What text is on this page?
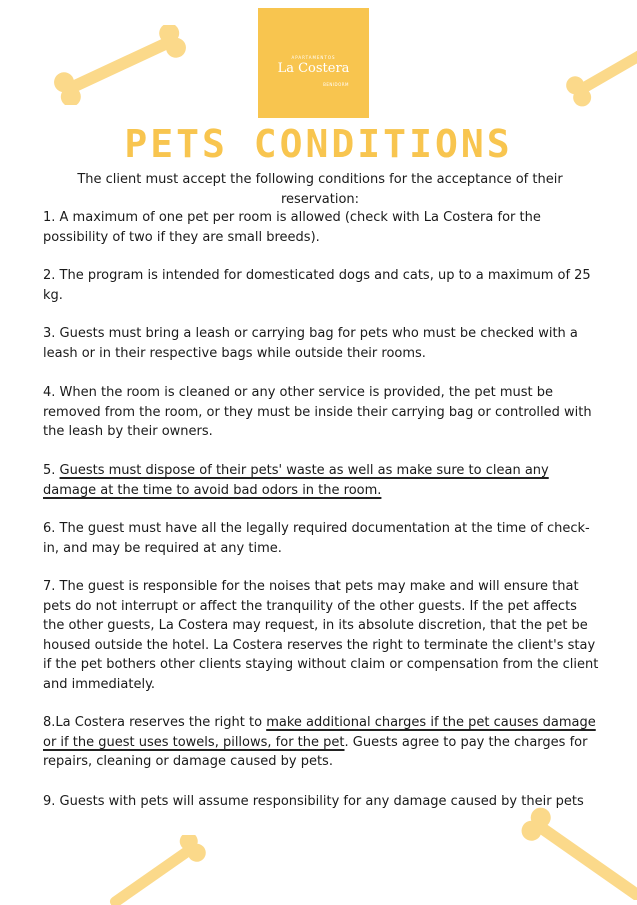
APARTAMENTOS
La Costera
BENIDORM
PETS CONDITIONS
The client must accept the following conditions for the acceptance of their reservation:
1. A maximum of one pet per room is allowed (check with La Costera for the possibility of two if they are small breeds).
2. The program is intended for domesticated dogs and cats, up to a maximum of 25 kg.
3. Guests must bring a leash or carrying bag for pets who must be checked with a leash or in their respective bags while outside their rooms.
4. When the room is cleaned or any other service is provided, the pet must be removed from the room, or they must be inside their carrying bag or controlled with the leash by their owners.
5. Guests must dispose of their pets' waste as well as make sure to clean any damage at the time to avoid bad odors in the room.
6. The guest must have all the legally required documentation at the time of check-in, and may be required at any time.
7. The guest is responsible for the noises that pets may make and will ensure that pets do not interrupt or affect the tranquility of the other guests. If the pet affects the other guests, La Costera may request, in its absolute discretion, that the pet be housed outside the hotel. La Costera reserves the right to terminate the client's stay if the pet bothers other clients staying without claim or compensation from the client and immediately.
8.La Costera reserves the right to make additional charges if the pet causes damage or if the guest uses towels, pillows, for the pet. Guests agree to pay the charges for repairs, cleaning or damage caused by pets.
9. Guests with pets will assume responsibility for any damage caused by their pets
